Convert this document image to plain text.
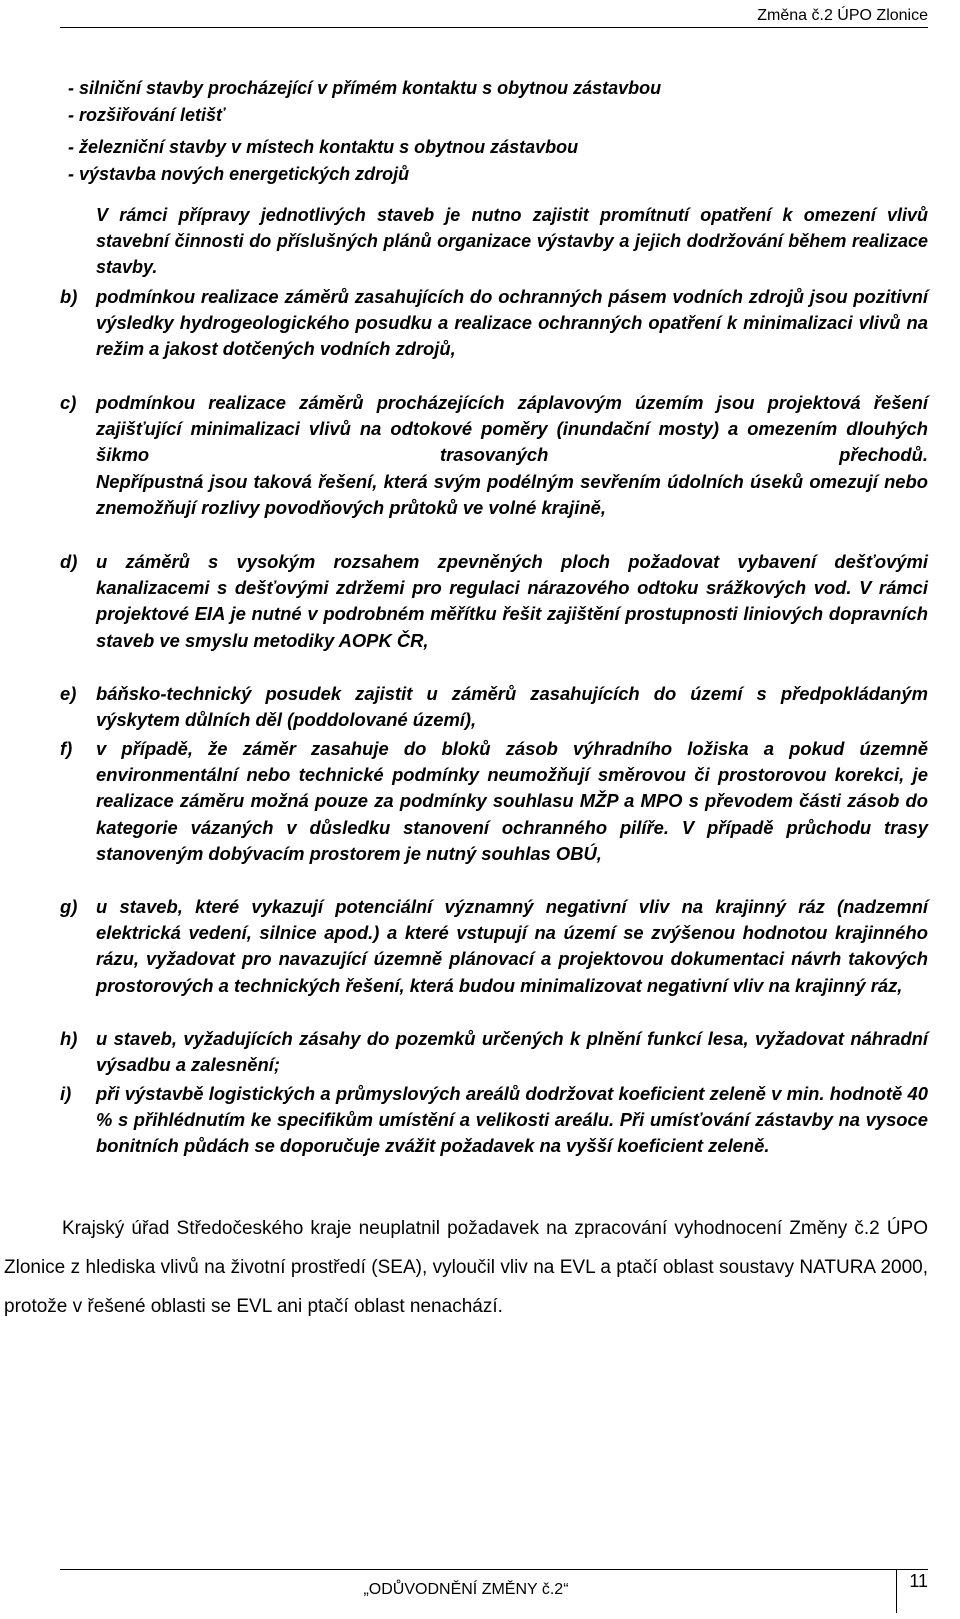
Změna č.2 ÚPO Zlonice
- silniční stavby procházející v přímém kontaktu s obytnou zástavbou
- rozšiřování letišť
- železniční stavby v místech kontaktu s obytnou zástavbou
- výstavba nových energetických zdrojů
V rámci přípravy jednotlivých staveb je nutno zajistit promítnutí opatření k omezení vlivů stavební činnosti do příslušných plánů organizace výstavby a jejich dodržování během realizace stavby.
b) podmínkou realizace záměrů zasahujících do ochranných pásem vodních zdrojů jsou pozitivní výsledky hydrogeologického posudku a realizace ochranných opatření k minimalizaci vlivů na režim a jakost dotčených vodních zdrojů,
c) podmínkou realizace záměrů procházejících záplavovým územím jsou projektová řešení zajišťující minimalizaci vlivů na odtokové poměry (inundační mosty) a omezením dlouhých šikmo trasovaných přechodů.
Nepřípustná jsou taková řešení, která svým podélným sevřením údolních úseků omezují nebo znemožňují rozlivy povodňových průtoků ve volné krajině,
d) u záměrů s vysokým rozsahem zpevněných ploch požadovat vybavení dešťovými kanalizacemi s dešťovými zdržemi pro regulaci nárazového odtoku srážkových vod. V rámci projektové EIA je nutné v podrobném měřítku řešit zajištění prostupnosti liniových dopravních staveb ve smyslu metodiky AOPK ČR,
e) báňsko-technický posudek zajistit u záměrů zasahujících do území s předpokládaným výskytem důlních děl (poddolované území),
f) v případě, že záměr zasahuje do bloků zásob výhradního ložiska a pokud územně environmentální nebo technické podmínky neumožňují směrovou či prostorovou korekci, je realizace záměru možná pouze za podmínky souhlasu MŽP a MPO s převodem části zásob do kategorie vázaných v důsledku stanovení ochranného pilíře. V případě průchodu trasy stanoveným dobývacím prostorem je nutný souhlas OBÚ,
g) u staveb, které vykazují potenciální významný negativní vliv na krajinný ráz (nadzemní elektrická vedení, silnice apod.) a které vstupují na území se zvýšenou hodnotou krajinného rázu, vyžadovat pro navazující územně plánovací a projektovou dokumentaci návrh takových prostorových a technických řešení, která budou minimalizovat negativní vliv na krajinný ráz,
h) u staveb, vyžadujících zásahy do pozemků určených k plnění funkcí lesa, vyžadovat náhradní výsadbu a zalesnění;
i) při výstavbě logistických a průmyslových areálů dodržovat koeficient zeleně v min. hodnotě 40 % s přihlédnutím ke specifikům umístění a velikosti areálu. Při umísťování zástavby na vysoce bonitních půdách se doporučuje zvážit požadavek na vyšší koeficient zeleně.
Krajský úřad Středočeského kraje neuplatnil požadavek na zpracování vyhodnocení Změny č.2 ÚPO Zlonice z hlediska vlivů na životní prostředí (SEA), vyloučil vliv na EVL a ptačí oblast soustavy NATURA 2000, protože v řešené oblasti se EVL ani ptačí oblast nenachází.
„ODŮVODNĚNÍ ZMĚNY č.2“	11
